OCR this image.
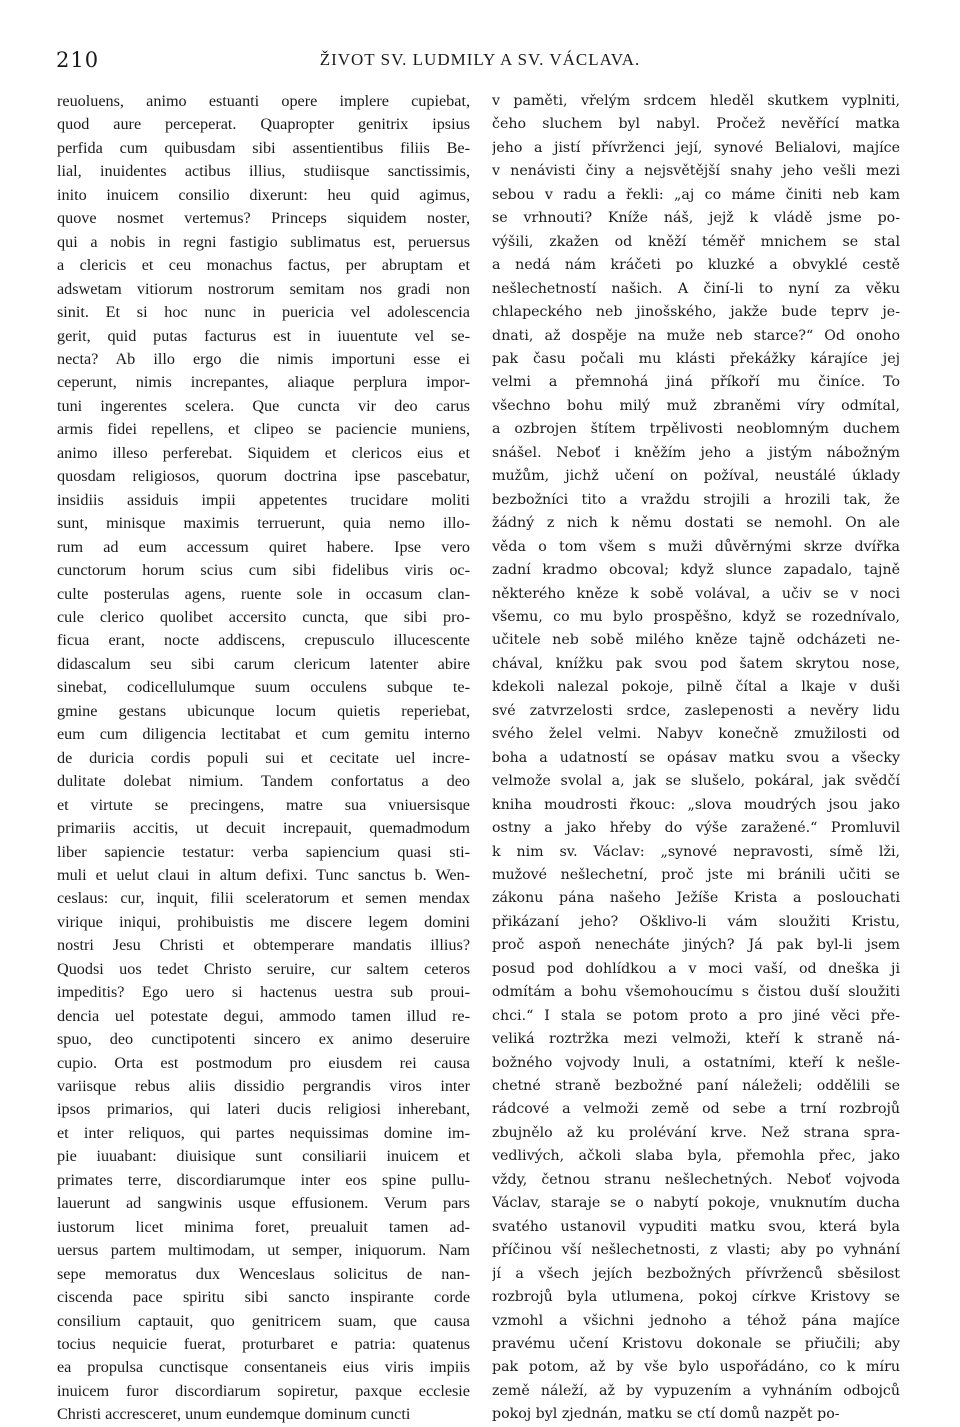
210	ŽIVOT SV. LUDMILY A SV. VÁCLAVA.
reuoluens, animo estuanti opere implere cupiebat,
quod aure perceperat. Quapropter genitrix ipsius
perfida cum quibusdam sibi assentientibus filiis Be-
lial, inuidentes actibus illius, studiisque sanctissimis,
inito inuicem consilio dixerunt: heu quid agimus,
quove nosmet vertemus? Princeps siquidem noster,
qui a nobis in regni fastigio sublimatus est, peruersus
a clericis et ceu monachus factus, per abruptam et
adswetam vitiorum nostrorum semitam nos gradi non
sinit. Et si hoc nunc in puericia vel adolescencia
gerit, quid putas facturus est in iuuentute vel se-
necta? Ab illo ergo die nimis importuni esse ei
ceperunt, nimis increpantes, aliaque perplura impor-
tuni ingerentes scelera. Que cuncta vir deo carus
armis fidei repellens, et clipeo se paciencie muniens,
animo illeso perferebat. Siquidem et clericos eius et
quosdam religiosos, quorum doctrina ipse pascebatur,
insidiis assiduis impii appetentes trucidare moliti
sunt, minisque maximis terruerunt, quia nemo illo-
rum ad eum accessum quiret habere. Ipse vero
cunctorum horum scius cum sibi fidelibus viris oc-
culte posterulas agens, ruente sole in occasum clan-
cule clerico quolibet accersito cuncta, que sibi pro-
ficua erant, nocte addiscens, crepusculo illucescente
didascalum seu sibi carum clericum latenter abire
sinebat, codicellulumque suum occulens subque te-
gmine gestans ubicunque locum quietis reperiebat,
eum cum diligencia lectitabat et cum gemitu interno
de duricia cordis populi sui et cecitate uel incre-
dulitate dolebat nimium. Tandem confortatus a deo
et virtute se precingens, matre sua vniuersisque
primariis accitis, ut decuit increpauit, quemadmodum
liber sapiencie testatur: verba sapiencium quasi sti-
muli et uelut claui in altum defixi. Tunc sanctus b. Wen-
ceslaus: cur, inquit, filii sceleratorum et semen mendax
virique iniqui, prohibuistis me discere legem domini
nostri Jesu Christi et obtemperare mandatis illius?
Quodsi uos tedet Christo seruire, cur saltem ceteros
impeditis? Ego uero si hactenus uestra sub prouі-
dencia uel potestate degui, ammodo tamen illud re-
spuo, deo cunctipotenti sincero ex animo deseruire
cupio. Orta est postmodum pro eiusdem rei causa
variisque rebus aliis dissidio pergrandis viros inter
ipsos primarios, qui lateri ducis religiosi inherebant,
et inter reliquos, qui partes nequissimas domine im-
pie iuuabant: diuisique sunt consiliarii inuicem et
primates terre, discordiarumque inter eos spine pullu-
lauerunt ad sangwinis usque effusionem. Verum pars
iustorum licet minima foret, preualuit tamen ad-
uersus partem multimodam, ut semper, iniquorum. Nam
sepe memoratus dux Wenceslaus solicitus de nan-
ciscenda pace spiritu sibi sancto inspirante corde
consilium captauit, quo genitricem suam, que causa
tocius nequicie fuerat, proturbaret e patria: quatenus
ea propulsa cunctisque consentaneis eius viris impiis
inuicem furor discordiarum sopiretur, paxque ecclesie
Christi accresceret, unum eundemque dominum cuncti
v paměti, vřelým srdcem hleděl skutkem vyplniti,
čeho sluchem byl nabyl. Pročež nevěřící matka
jeho a jistí přívrženci její, synové Belialovi, majíce
v nenávisti činy a nejsvětější snahy jeho vešli mezi
sebou v radu a řekli: „aj co máme činiti neb kam
se vrhnouti? Kníže náš, jejž k vládě jsme po-
výšili, zkažen od kněží téměř mnichem se stal
a nedá nám kráčeti po kluzké a obvyklé cestě
nešlechetností našich. A činí-li to nyní za věku
chlapeckého neb jinošského, jakže bude teprv je-
dnati, až dospěje na muže neb starce?“ Od onoho
pak času počali mu klásti překážky kárajíce jej
velmi a přemnohá jiná příkoří mu činíce. To
všechno bohu milý muž zbraněmi víry odmítal,
a ozbrojen štítem trpělivosti neoblomným duchem
snášel. Neboť i kněžím jeho a jistým nábožným
mužům, jichž učení on požíval, neustálé úklady
bezbožníci tito a vraždu strojili a hrozili tak, že
žádný z nich k němu dostati se nemohl. On ale
věda o tom všem s muži důvěrnými skrze dvířka
zadní kradmo obcoval; když slunce zapadalo, tajně
některého kněze k sobě volával, a učiv se v noci
všemu, co mu bylo prospěšno, když se rozednívalo,
učitele neb sobě milého kněze tajně odcházeti ne-
chával, knížku pak svou pod šatem skrytou nose,
kdekoli nalezal pokoje, pilně čítal a lkaje v duši
své zatvrzelosti srdce, zaslepenosti a nevěry lidu
svého želel velmi. Nabyv konečně zmužilosti od
boha a udatností se opásav matku svou a všecky
velmože svolal a, jak se slušelo, pokáral, jak svědčí
kniha moudrosti řkouc: „slova moudrých jsou jako
ostny a jako hřeby do výše zaražené.“ Promluvil
k nim sv. Václav: „synové nepravosti, símě lži,
mužové nešlechetní, proč jste mi bránili učiti se
zákonu pána našeho Ježíše Krista a poslouchati
přikázaní jeho? Ošklivo-li vám sloužiti Kristu,
proč aspoň nenecháte jiných? Já pak byl-li jsem
posud pod dohlídkou a v moci vaší, od dneška ji
odmítám a bohu všemohoucímu s čistou duší sloužiti
chci.“ I stala se potom proto a pro jiné věci pře-
veliká roztržka mezi velmoži, kteří k straně ná-
božného vojvody lnuli, a ostatními, kteří k nešle-
chetné straně bezbožné paní náleželi; oddělili se
rádcové a velmoži země od sebe a trní rozbrojů
zbujnělo až ku prolévání krve. Než strana spra-
vedlivých, ačkoli slaba byla, přemohla přec, jako
vždy, četnou stranu nešlechetných. Neboť vojvoda
Václav, staraje se o nabytí pokoje, vnuknutím ducha
svatého ustanovil vypuditi matku svou, která byla
příčinou vší nešlechetnosti, z vlasti; aby po vyhnání
jí a všech jejích bezbožných přívrženců sběsilost
rozbrojů byla utlumena, pokoj církve Kristovy se
vzmohl a všichni jednoho a téhož pána majíce
pravému učení Kristovu dokonale se přiučili; aby
pak potom, až by vše bylo uspořádáno, co k míru
země náleží, až by vypuzením a vyhnáním odbojců
pokoj byl zjednán, matku se ctí domů nazpět po-
